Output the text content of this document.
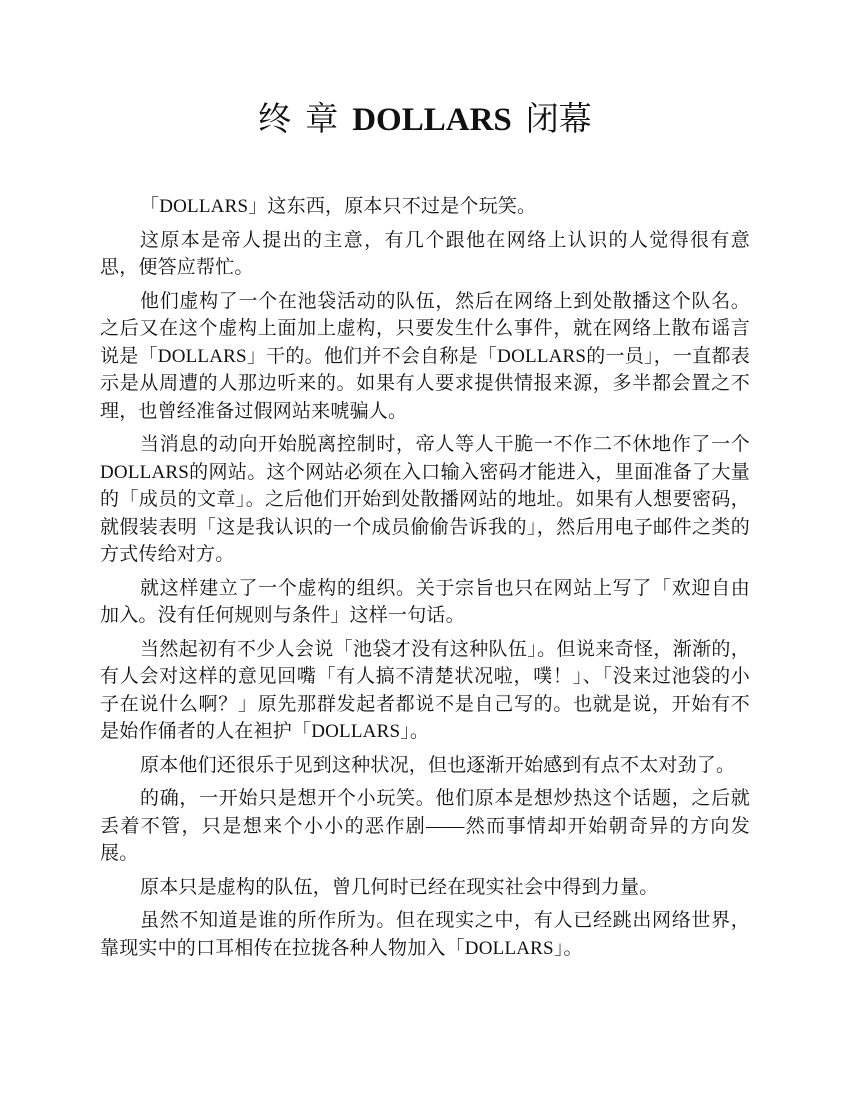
终 章 DOLLARS 闭幕

「DOLLARS」这东西，原本只不过是个玩笑。

这原本是帝人提出的主意，有几个跟他在网络上认识的人觉得很有意思，便答应帮忙。

他们虚构了一个在池袋活动的队伍，然后在网络上到处散播这个队名。之后又在这个虚构上面加上虚构，只要发生什么事件，就在网络上散布谣言说是「DOLLARS」干的。他们并不会自称是「DOLLARS的一员」，一直都表示是从周遭的人那边听来的。如果有人要求提供情报来源，多半都会置之不理，也曾经准备过假网站来唬骗人。

当消息的动向开始脱离控制时，帝人等人干脆一不作二不休地作了一个DOLLARS的网站。这个网站必须在入口输入密码才能进入，里面准备了大量的「成员的文章」。之后他们开始到处散播网站的地址。如果有人想要密码，就假装表明「这是我认识的一个成员偷偷告诉我的」，然后用电子邮件之类的方式传给对方。

就这样建立了一个虚构的组织。关于宗旨也只在网站上写了「欢迎自由加入。没有任何规则与条件」这样一句话。

当然起初有不少人会说「池袋才没有这种队伍」。但说来奇怪，渐渐的，有人会对这样的意见回嘴「有人搞不清楚状况啦，噗！」、「没来过池袋的小子在说什么啊？」原先那群发起者都说不是自己写的。也就是说，开始有不是始作俑者的人在袒护「DOLLARS」。

原本他们还很乐于见到这种状况，但也逐渐开始感到有点不太对劲了。

的确，一开始只是想开个小玩笑。他们原本是想炒热这个话题，之后就丢着不管，只是想来个小小的恶作剧——然而事情却开始朝奇异的方向发展。

原本只是虚构的队伍，曾几何时已经在现实社会中得到力量。

虽然不知道是谁的所作所为。但在现实之中，有人已经跳出网络世界，靠现实中的口耳相传在拉拢各种人物加入「DOLLARS」。
